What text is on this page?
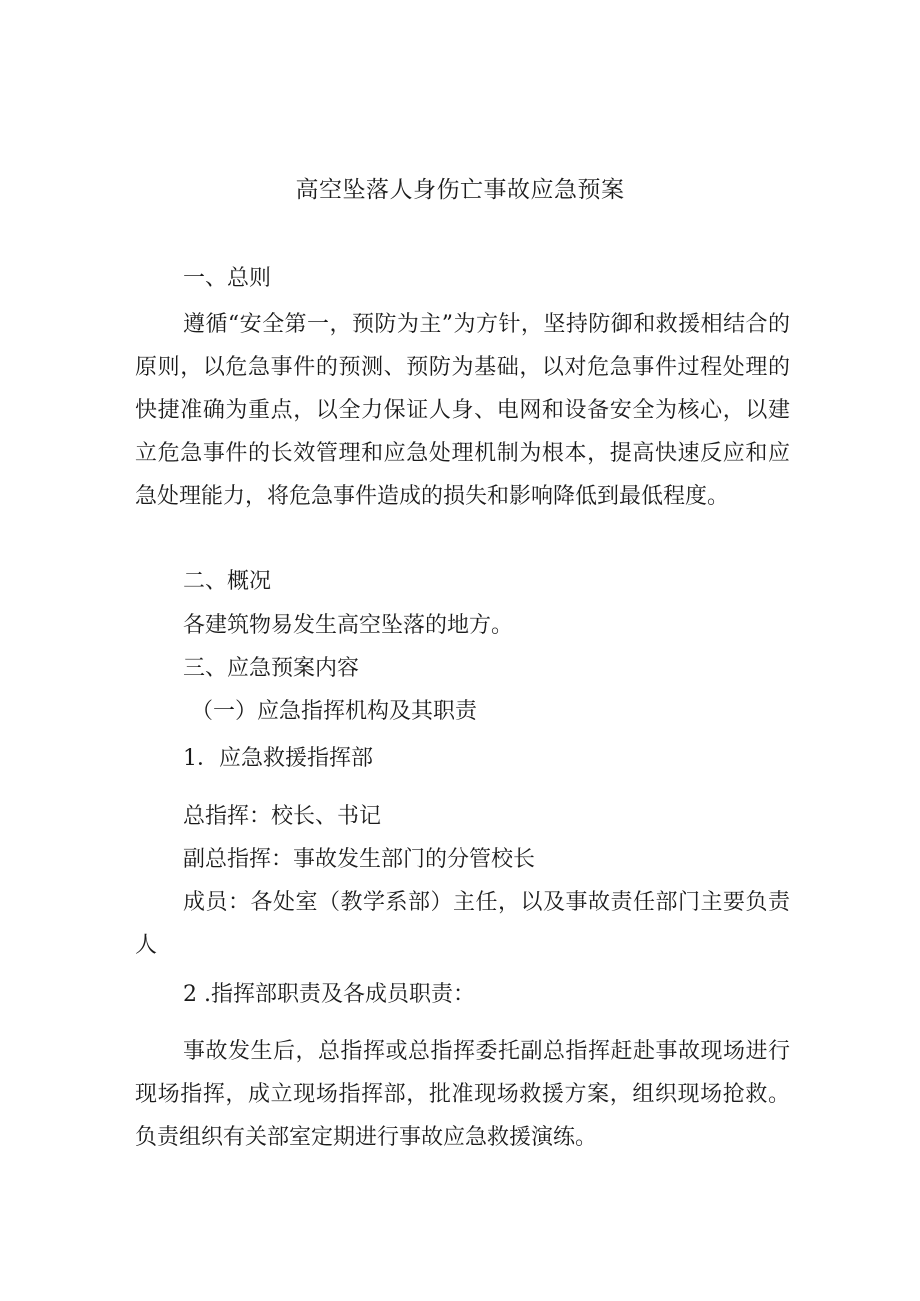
高空坠落人身伤亡事故应急预案

一、总则

遵循“安全第一，预防为主”为方针，坚持防御和救援相结合的原则，以危急事件的预测、预防为基础，以对危急事件过程处理的快捷准确为重点，以全力保证人身、电网和设备安全为核心，以建立危急事件的长效管理和应急处理机制为根本，提高快速反应和应急处理能力，将危急事件造成的损失和影响降低到最低程度。

二、概况

各建筑物易发生高空坠落的地方。

三、应急预案内容

（一）应急指挥机构及其职责

1．应急救援指挥部

总指挥：校长、书记

副总指挥：事故发生部门的分管校长

成员：各处室（教学系部）主任，以及事故责任部门主要负责人

2 .指挥部职责及各成员职责：

事故发生后，总指挥或总指挥委托副总指挥赶赴事故现场进行现场指挥，成立现场指挥部，批准现场救援方案，组织现场抢救。负责组织有关部室定期进行事故应急救援演练。
